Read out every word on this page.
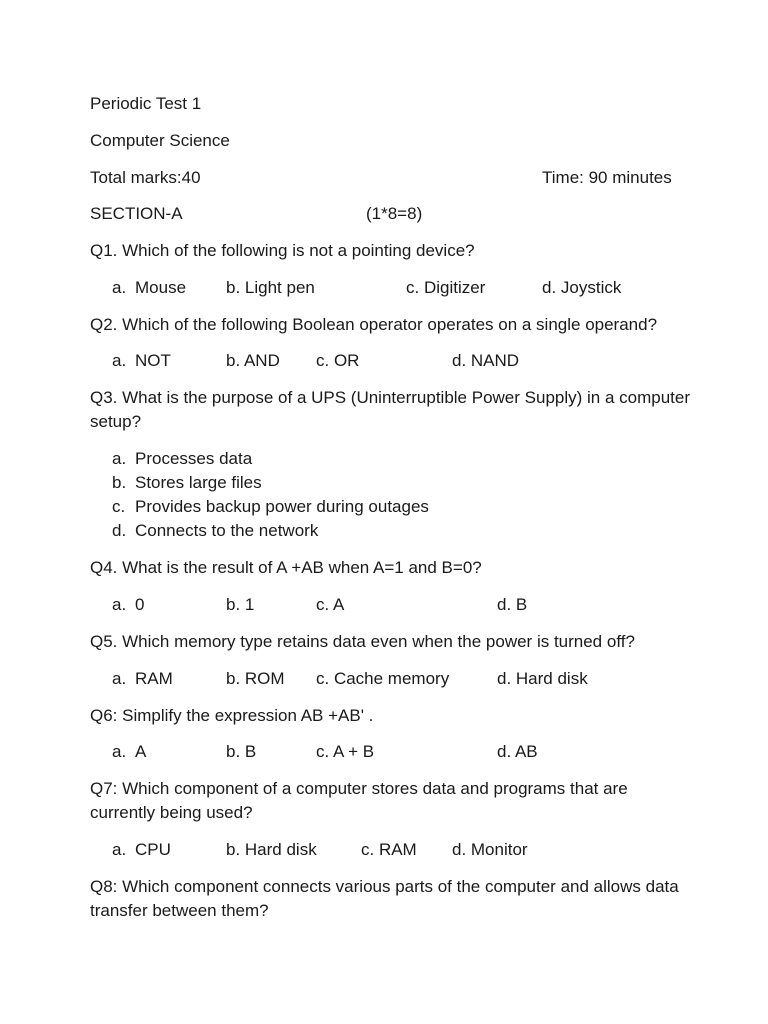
Periodic Test 1
Computer Science
Total marks:40	Time: 90 minutes
SECTION-A	(1*8=8)
Q1. Which of the following is not a pointing device?
a. Mouse b. Light pen	c. Digitizer	d. Joystick
Q2. Which of the following Boolean operator operates on a single operand?
a. NOT	b. AND c. OR	d. NAND
Q3. What is the purpose of a UPS (Uninterruptible Power Supply) in a computer setup?
a. Processes data
b. Stores large files
c. Provides backup power during outages
d. Connects to the network
Q4. What is the result of A +AB when A=1 and B=0?
a. 0	b. 1	c. A	d. B
Q5. Which memory type retains data even when the power is turned off?
a. RAM	b. ROM c. Cache memory	d. Hard disk
Q6: Simplify the expression AB +AB' .
a. A	b. B	c. A + B	d. AB
Q7: Which component of a computer stores data and programs that are currently being used?
a. CPU	b. Hard disk	c. RAM d. Monitor
Q8: Which component connects various parts of the computer and allows data transfer between them?
